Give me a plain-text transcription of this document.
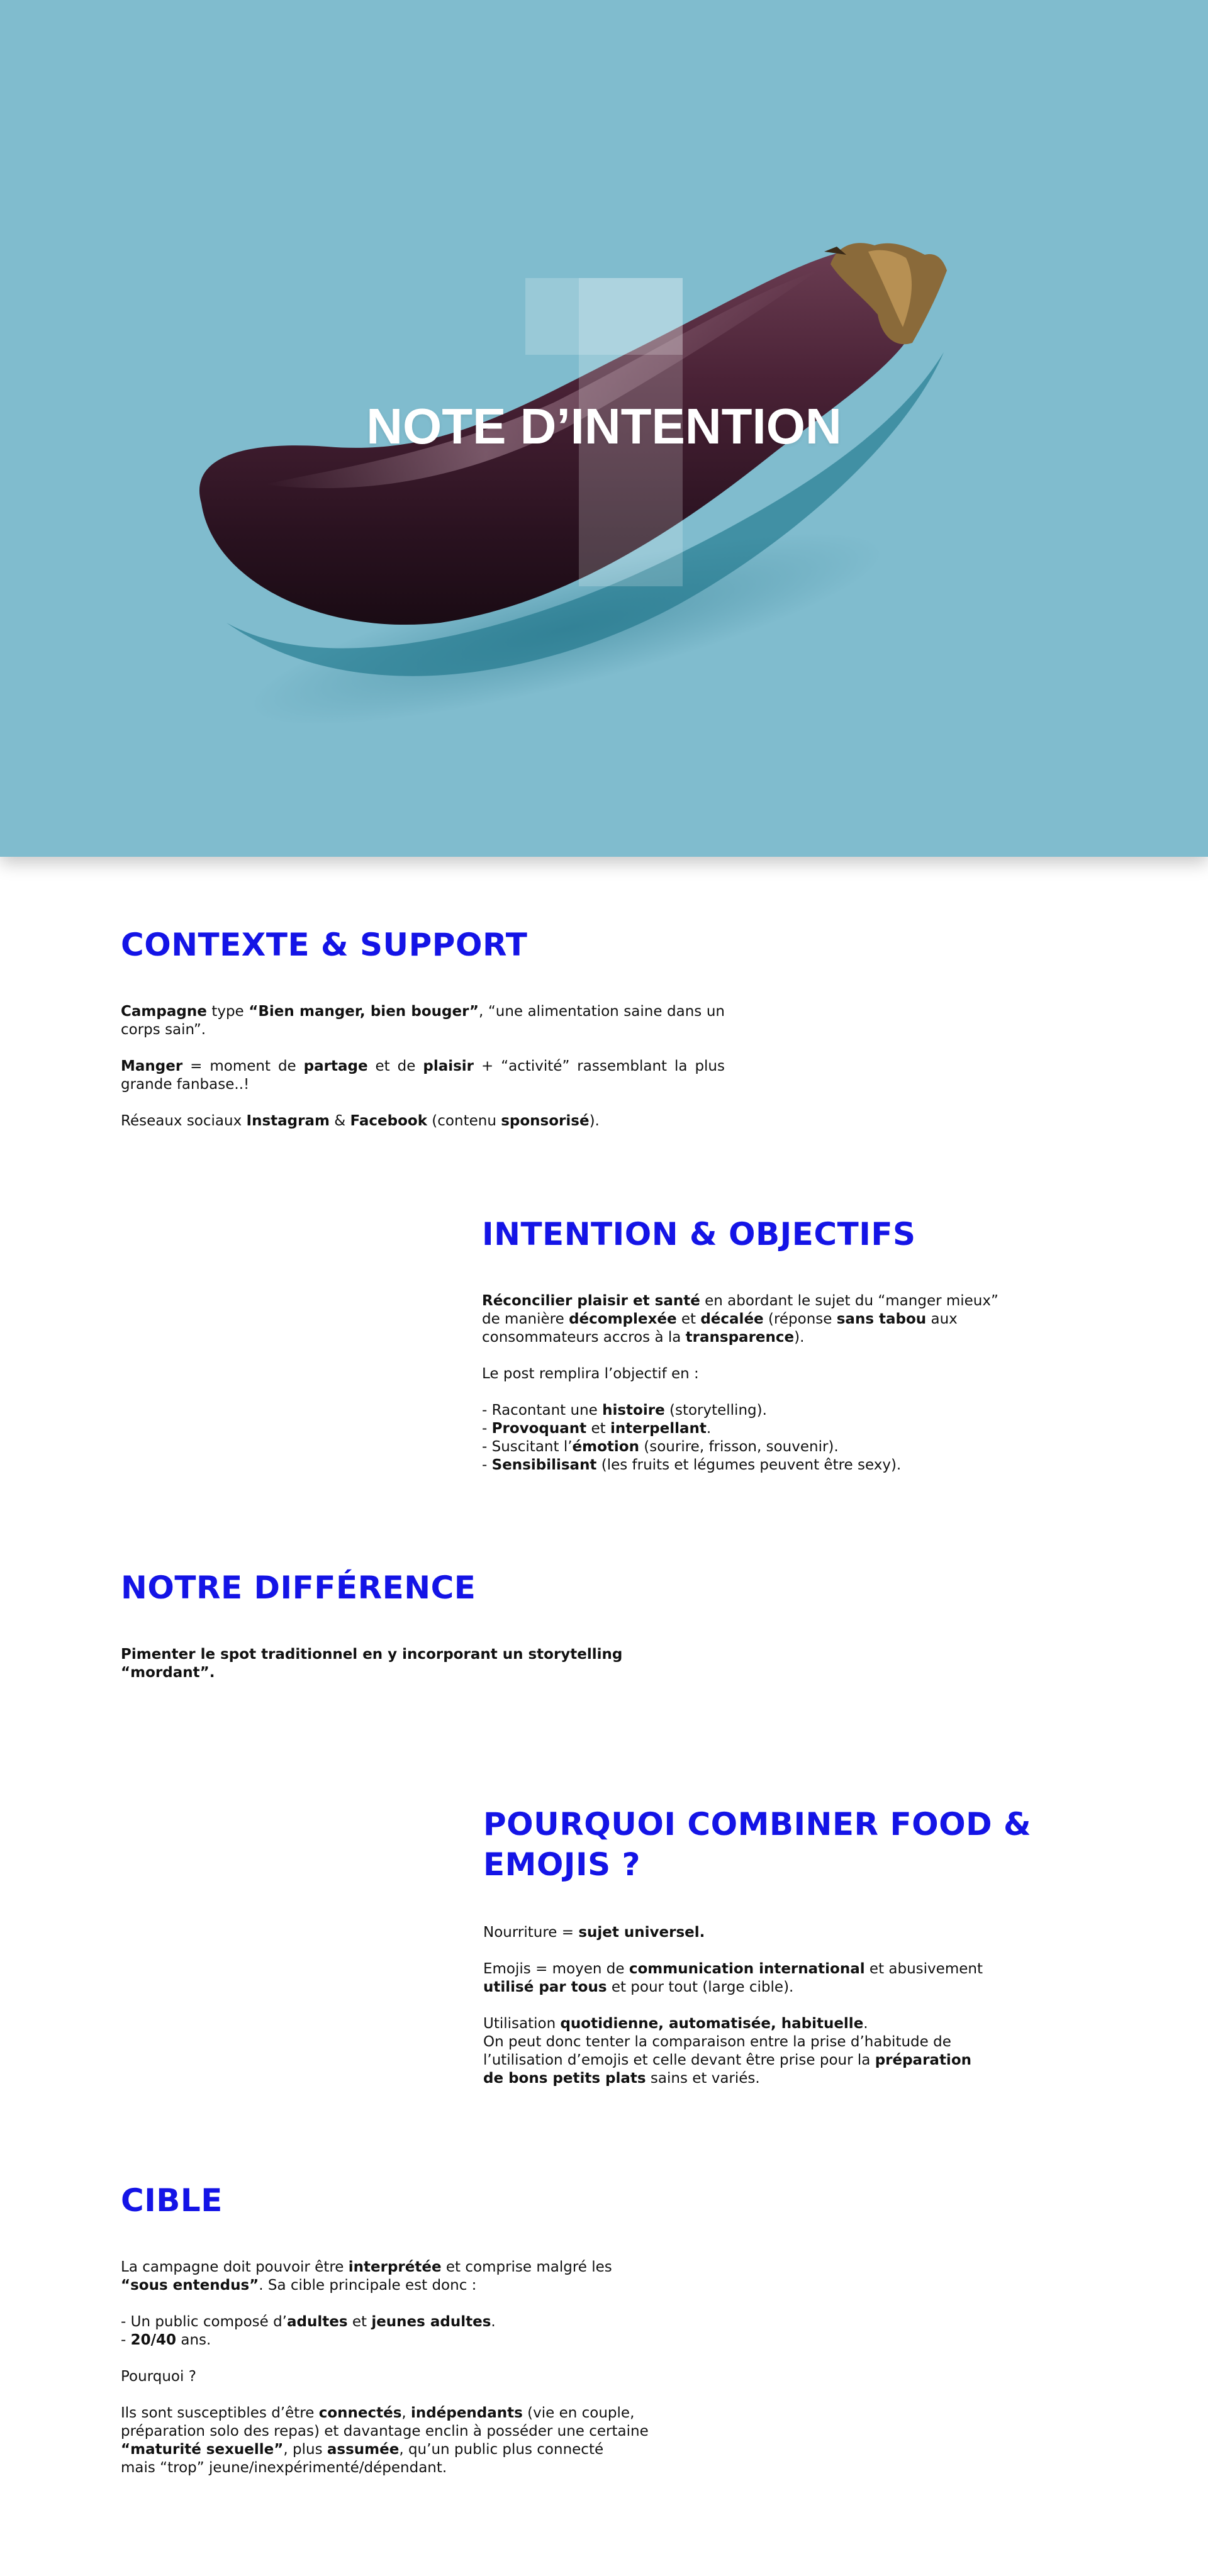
NOTE D’INTENTION
CONTEXTE & SUPPORT

Campagne type “Bien manger, bien bouger”, “une alimentation saine dans un corps sain”.

Manger = moment de partage et de plaisir + “activité” rassemblant la plus grande fanbase..!

Réseaux sociaux Instagram & Facebook (contenu sponsorisé).

INTENTION & OBJECTIFS

Réconcilier plaisir et santé en abordant le sujet du “manger mieux”
de manière décomplexée et décalée (réponse sans tabou aux
consommateurs accros à la transparence).

Le post remplira l’objectif en :

- Racontant une histoire (storytelling).
- Provoquant et interpellant.
- Suscitant l’émotion (sourire, frisson, souvenir).
- Sensibilisant (les fruits et légumes peuvent être sexy).

NOTRE DIFFÉRENCE

Pimenter le spot traditionnel en y incorporant un storytelling
“mordant”.

POURQUOI COMBINER FOOD & EMOJIS ?

Nourriture = sujet universel.

Emojis = moyen de communication international et abusivement
utilisé par tous et pour tout (large cible).

Utilisation quotidienne, automatisée, habituelle.
On peut donc tenter la comparaison entre la prise d’habitude de
l’utilisation d’emojis et celle devant être prise pour la préparation
de bons petits plats sains et variés.

CIBLE

La campagne doit pouvoir être interprétée et comprise malgré les
“sous entendus”. Sa cible principale est donc :

- Un public composé d’adultes et jeunes adultes.
- 20/40 ans.

Pourquoi ?

Ils sont susceptibles d’être connectés, indépendants (vie en couple,
préparation solo des repas) et davantage enclin à posséder une certaine
“maturité sexuelle”, plus assumée, qu’un public plus connecté
mais “trop” jeune/inexpérimenté/dépendant.
